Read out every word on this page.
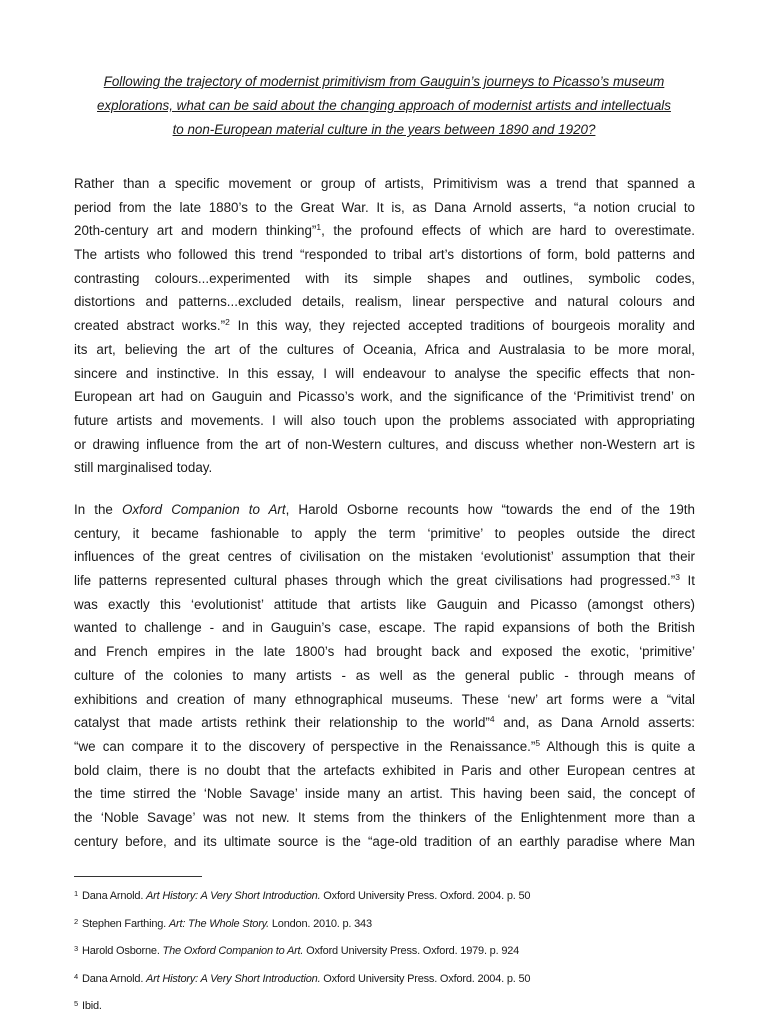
Following the trajectory of modernist primitivism from Gauguin’s journeys to Picasso’s museum
explorations, what can be said about the changing approach of modernist artists and intellectuals
to non-European material culture in the years between 1890 and 1920?

Rather than a specific movement or group of artists, Primitivism was a trend that spanned a
period from the late 1880’s to the Great War. It is, as Dana Arnold asserts, “a notion crucial to
20th-century art and modern thinking”$^1$, the profound effects of which are hard to overestimate.
The artists who followed this trend “responded to tribal art’s distortions of form, bold patterns and
contrasting colours...experimented with its simple shapes and outlines, symbolic codes,
distortions and patterns...excluded details, realism, linear perspective and natural colours and
created abstract works.”$^2$ In this way, they rejected accepted traditions of bourgeois morality and
its art, believing the art of the cultures of Oceania, Africa and Australasia to be more moral,
sincere and instinctive. In this essay, I will endeavour to analyse the specific effects that non-
European art had on Gauguin and Picasso’s work, and the significance of the ‘Primitivist trend’ on
future artists and movements. I will also touch upon the problems associated with appropriating
or drawing influence from the art of non-Western cultures, and discuss whether non-Western art is
still marginalised today.

In the Oxford Companion to Art, Harold Osborne recounts how “towards the end of the 19th
century, it became fashionable to apply the term ‘primitive’ to peoples outside the direct
influences of the great centres of civilisation on the mistaken ‘evolutionist’ assumption that their
life patterns represented cultural phases through which the great civilisations had progressed.”$^3$ It
was exactly this ‘evolutionist’ attitude that artists like Gauguin and Picasso (amongst others)
wanted to challenge - and in Gauguin’s case, escape. The rapid expansions of both the British
and French empires in the late 1800’s had brought back and exposed the exotic, ‘primitive’
culture of the colonies to many artists - as well as the general public - through means of
exhibitions and creation of many ethnographical museums. These ‘new’ art forms were a “vital
catalyst that made artists rethink their relationship to the world”$^4$ and, as Dana Arnold asserts:
“we can compare it to the discovery of perspective in the Renaissance.”$^5$ Although this is quite a
bold claim, there is no doubt that the artefacts exhibited in Paris and other European centres at
the time stirred the ‘Noble Savage’ inside many an artist. This having been said, the concept of
the ‘Noble Savage’ was not new. It stems from the thinkers of the Enlightenment more than a
century before, and its ultimate source is the “age-old tradition of an earthly paradise where Man

$^1$ Dana Arnold. Art History: A Very Short Introduction. Oxford University Press. Oxford. 2004. p. 50
$^2$ Stephen Farthing. Art: The Whole Story. London. 2010. p. 343
$^3$ Harold Osborne. The Oxford Companion to Art. Oxford University Press. Oxford. 1979. p. 924
$^4$ Dana Arnold. Art History: A Very Short Introduction. Oxford University Press. Oxford. 2004. p. 50
$^5$ Ibid.
